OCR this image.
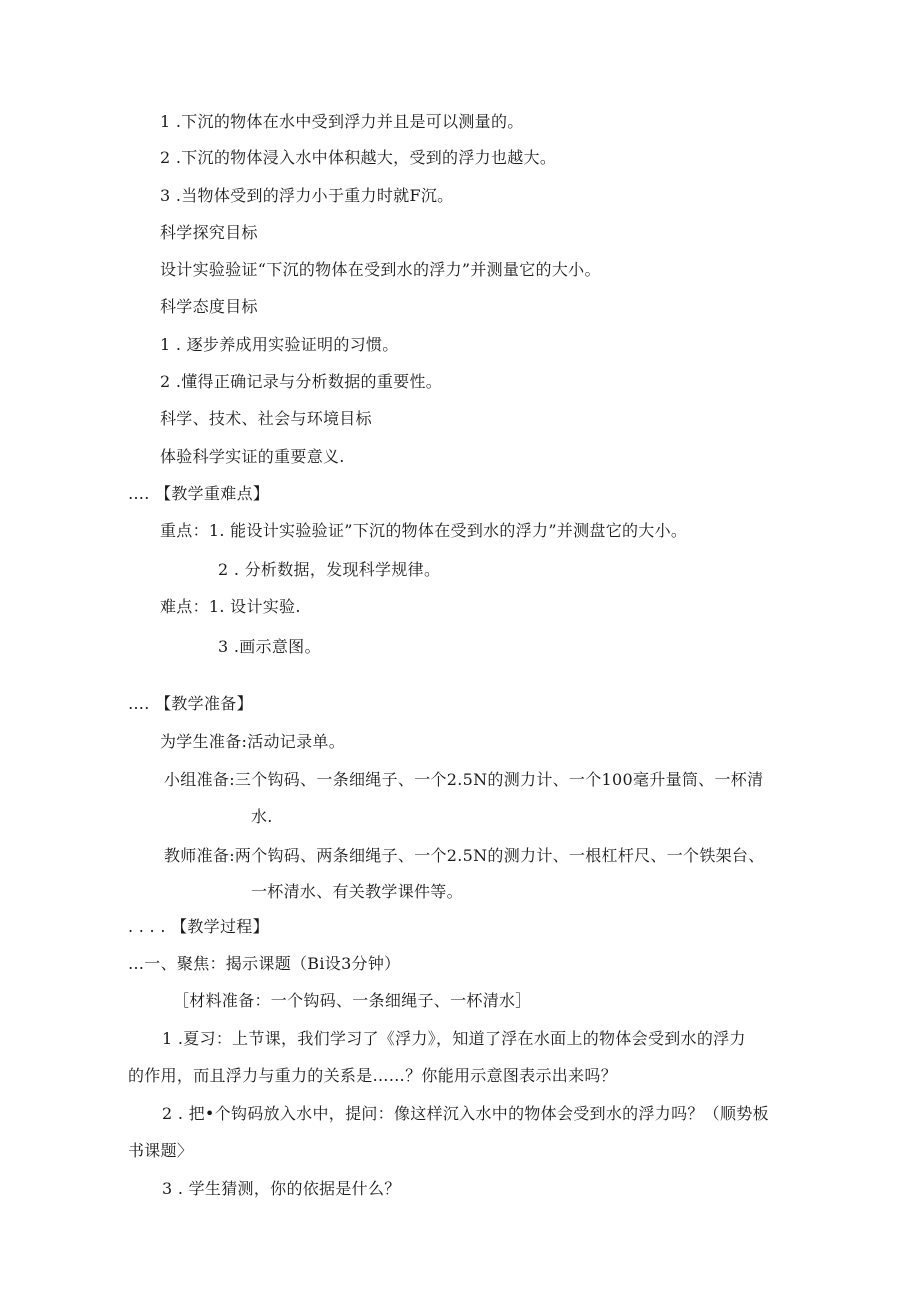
1 .下沉的物体在水中受到浮力并且是可以测量的。
2 .下沉的物体浸入水中体积越大，受到的浮力也越大。
3 .当物体受到的浮力小于重力时就F沉。
科学探究目标
设计实验验证“下沉的物体在受到水的浮力”并测量它的大小。
科学态度目标
1 . 逐步养成用实验证明的习惯。
2 .懂得正确记录与分析数据的重要性。
科学、技术、社会与环境目标
体验科学实证的重要意义.
…. 【教学重难点】
重点：1. 能设计实验验证”下沉的物体在受到水的浮力”并测盘它的大小。
2 . 分析数据，发现科学规律。
难点：1. 设计实验.
3 .画示意图。
…. 【教学准备】
为学生准备:活动记录单。
小组准备:三个钩码、一条细绳子、一个2.5N的测力计、一个100毫升量筒、一杯清
水.
教师准备:两个钩码、两条细绳子、一个2.5N的测力计、一根杠杆尺、一个铁架台、
一杯清水、有关教学课件等。
. . . . 【教学过程】
…一、聚焦：揭示课题（Bi设3分钟）
［材料准备：一个钩码、一条细绳子、一杯清水］
1 .夏习：上节课，我们学习了《浮力》，知道了浮在水面上的物体会受到水的浮力
的作用，而且浮力与重力的关系是……？你能用示意图表示出来吗？
2 . 把•个钩码放入水中，提问：像这样沉入水中的物体会受到水的浮力吗？（顺势板
书课题〉
3 . 学生猜测，你的依据是什么？
